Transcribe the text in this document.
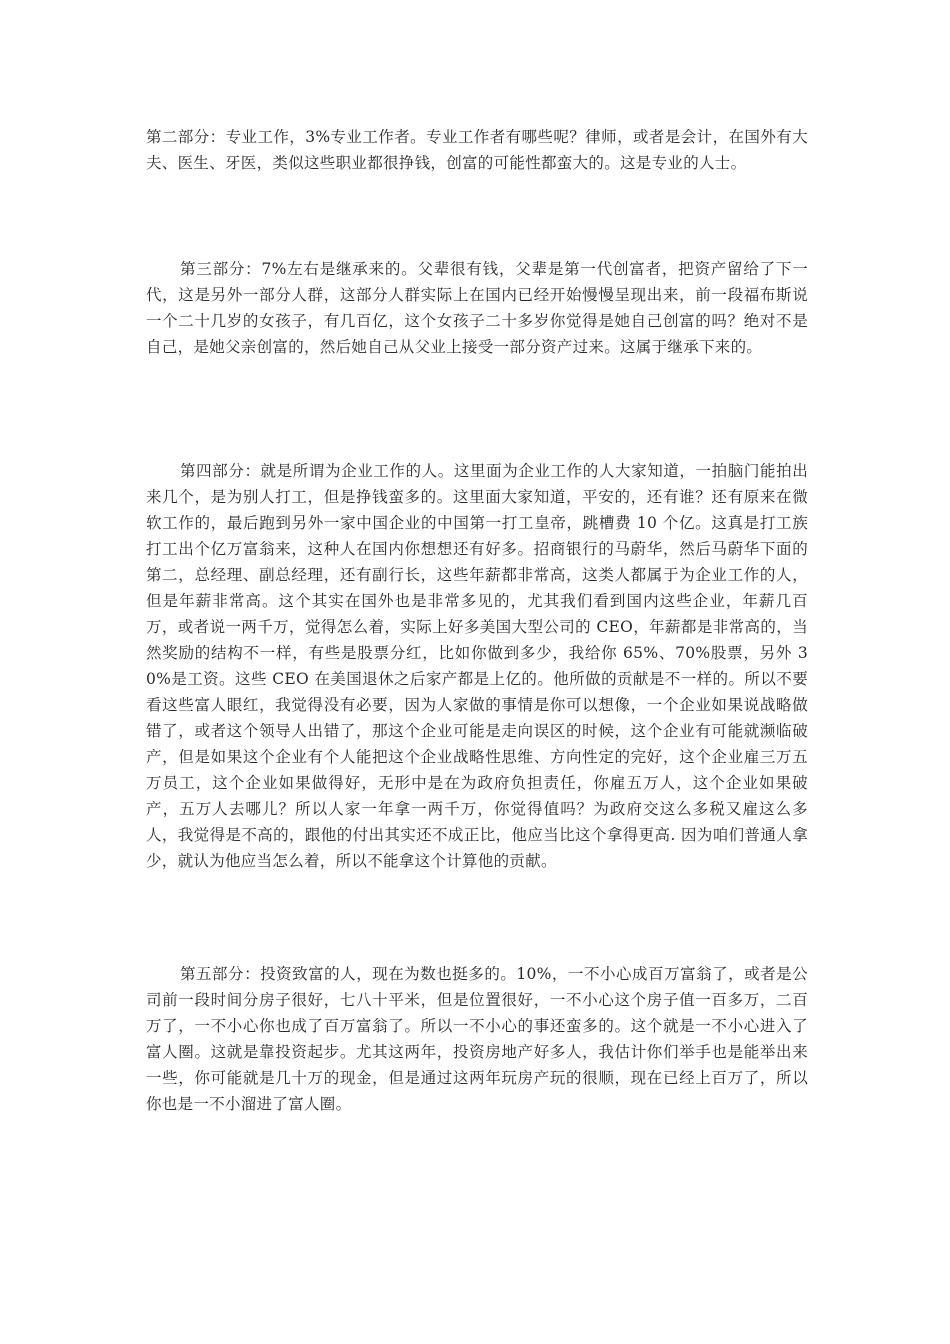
第二部分：专业工作，3%专业工作者。专业工作者有哪些呢？律师，或者是会计，在国外有大夫、医生、牙医，类似这些职业都很挣钱，创富的可能性都蛮大的。这是专业的人士。

第三部分：7%左右是继承来的。父辈很有钱，父辈是第一代创富者，把资产留给了下一代，这是另外一部分人群，这部分人群实际上在国内已经开始慢慢呈现出来，前一段福布斯说一个二十几岁的女孩子，有几百亿，这个女孩子二十多岁你觉得是她自己创富的吗？绝对不是自己，是她父亲创富的，然后她自己从父业上接受一部分资产过来。这属于继承下来的。

第四部分：就是所谓为企业工作的人。这里面为企业工作的人大家知道，一拍脑门能拍出来几个，是为别人打工，但是挣钱蛮多的。这里面大家知道，平安的，还有谁？还有原来在微软工作的，最后跑到另外一家中国企业的中国第一打工皇帝，跳槽费 10 个亿。这真是打工族打工出个亿万富翁来，这种人在国内你想想还有好多。招商银行的马蔚华，然后马蔚华下面的第二，总经理、副总经理，还有副行长，这些年薪都非常高，这类人都属于为企业工作的人，但是年薪非常高。这个其实在国外也是非常多见的，尤其我们看到国内这些企业，年薪几百万，或者说一两千万，觉得怎么着，实际上好多美国大型公司的 CEO，年薪都是非常高的，当然奖励的结构不一样，有些是股票分红，比如你做到多少，我给你 65%、70%股票，另外 30%是工资。这些 CEO 在美国退休之后家产都是上亿的。他所做的贡献是不一样的。所以不要看这些富人眼红，我觉得没有必要，因为人家做的事情是你可以想像，一个企业如果说战略做错了，或者这个领导人出错了，那这个企业可能是走向误区的时候，这个企业有可能就濒临破产，但是如果这个企业有个人能把这个企业战略性思维、方向性定的完好，这个企业雇三万五万员工，这个企业如果做得好，无形中是在为政府负担责任，你雇五万人，这个企业如果破产，五万人去哪儿？所以人家一年拿一两千万，你觉得值吗？为政府交这么多税又雇这么多人，我觉得是不高的，跟他的付出其实还不成正比，他应当比这个拿得更高. 因为咱们普通人拿少，就认为他应当怎么着，所以不能拿这个计算他的贡献。

第五部分：投资致富的人，现在为数也挺多的。10%，一不小心成百万富翁了，或者是公司前一段时间分房子很好，七八十平米，但是位置很好，一不小心这个房子值一百多万，二百万了，一不小心你也成了百万富翁了。所以一不小心的事还蛮多的。这个就是一不小心进入了富人圈。这就是靠投资起步。尤其这两年，投资房地产好多人，我估计你们举手也是能举出来一些，你可能就是几十万的现金，但是通过这两年玩房产玩的很顺，现在已经上百万了，所以你也是一不小溜进了富人圈。
